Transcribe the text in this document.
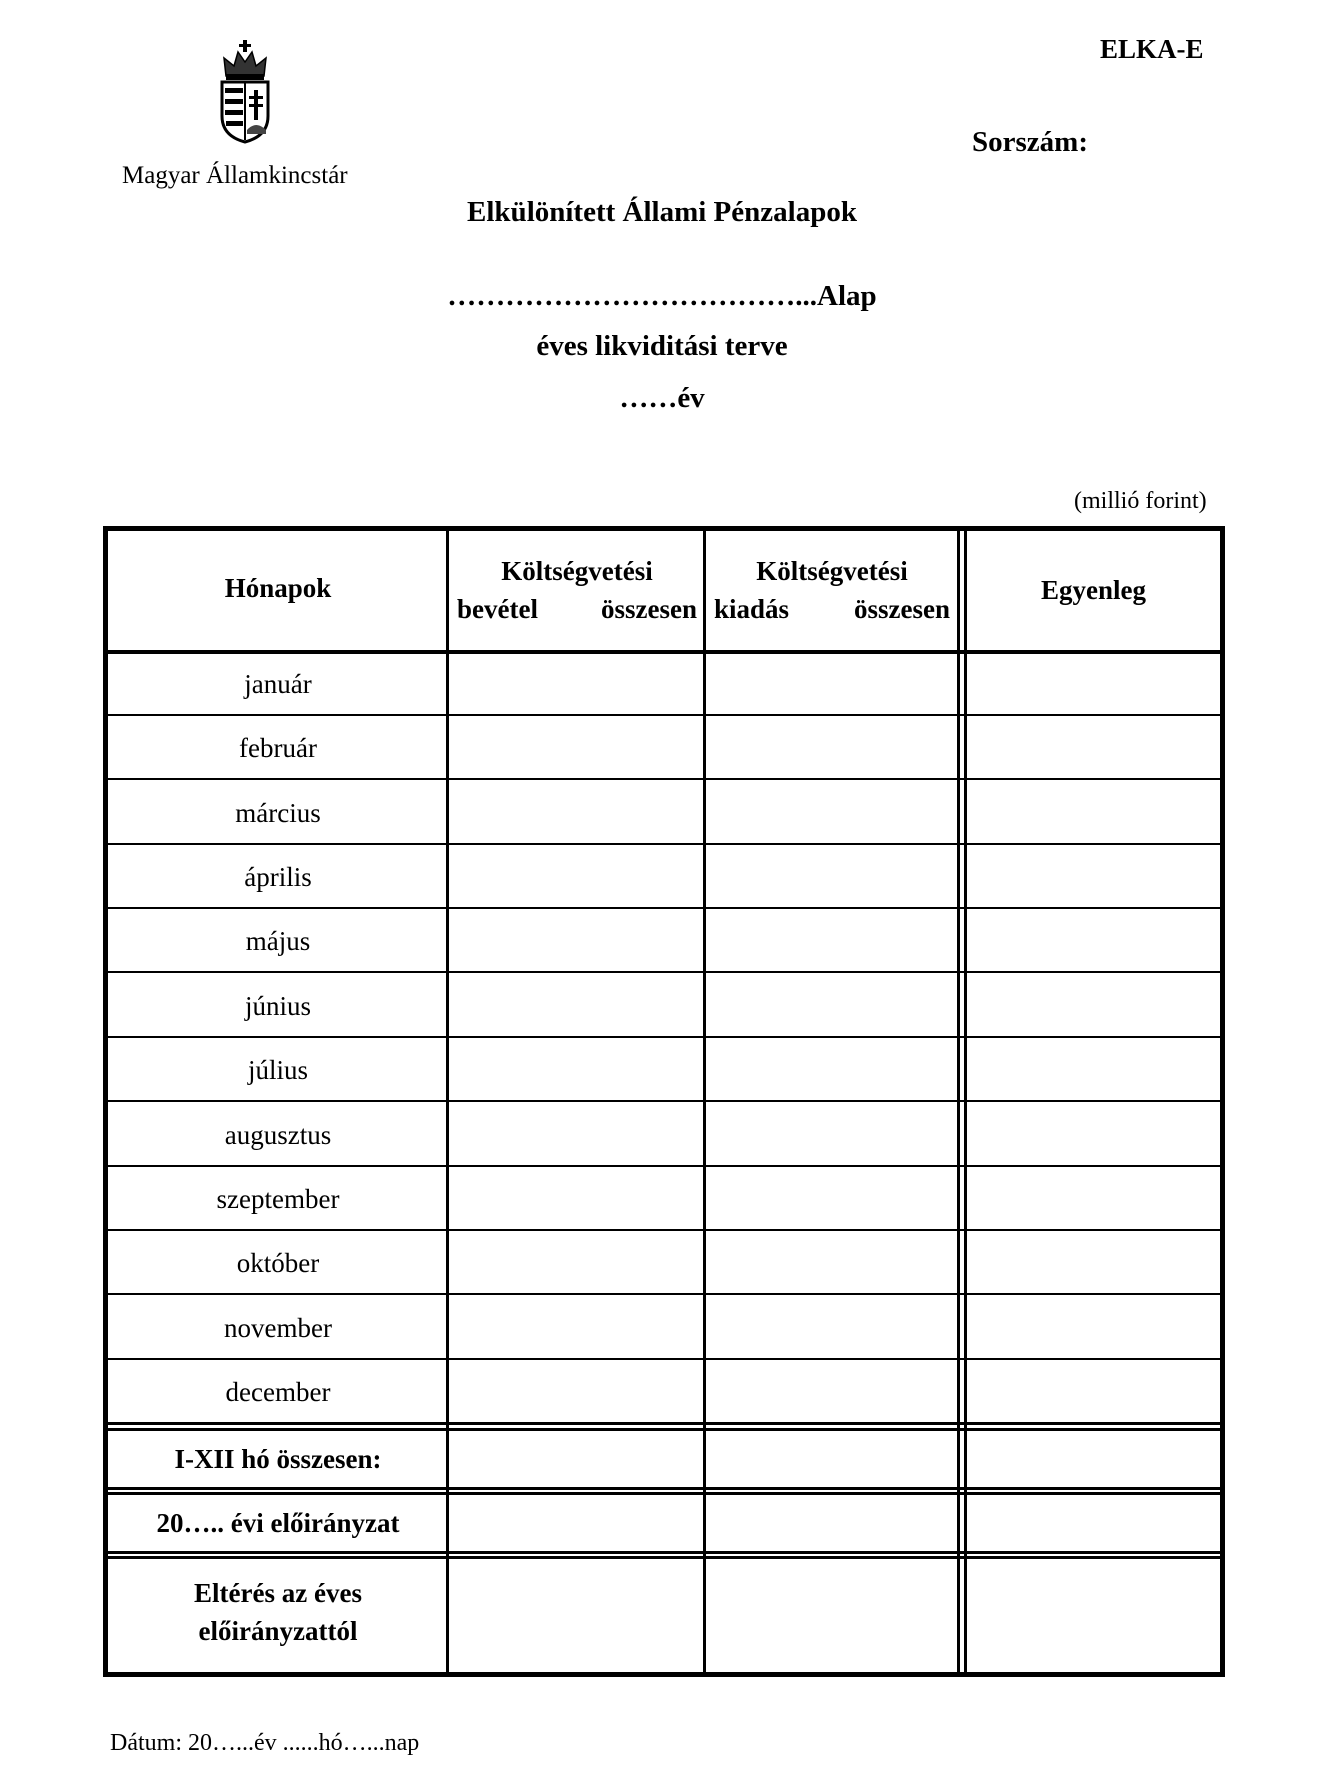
Magyar Államkincstár
ELKA-E
Sorszám:
Elkülönített Állami Pénzalapok
………………………………...Alap
éves likviditási terve
……év
(millió forint)
Hónapok
Költségvetési
bevétel összesen
Költségvetési
kiadás összesen
Egyenleg
január
február
március
április
május
június
július
augusztus
szeptember
október
november
december
I-XII hó összesen:
20….. évi előirányzat
Eltérés az éves
előirányzattól
Dátum: 20…...év ......hó…...nap
